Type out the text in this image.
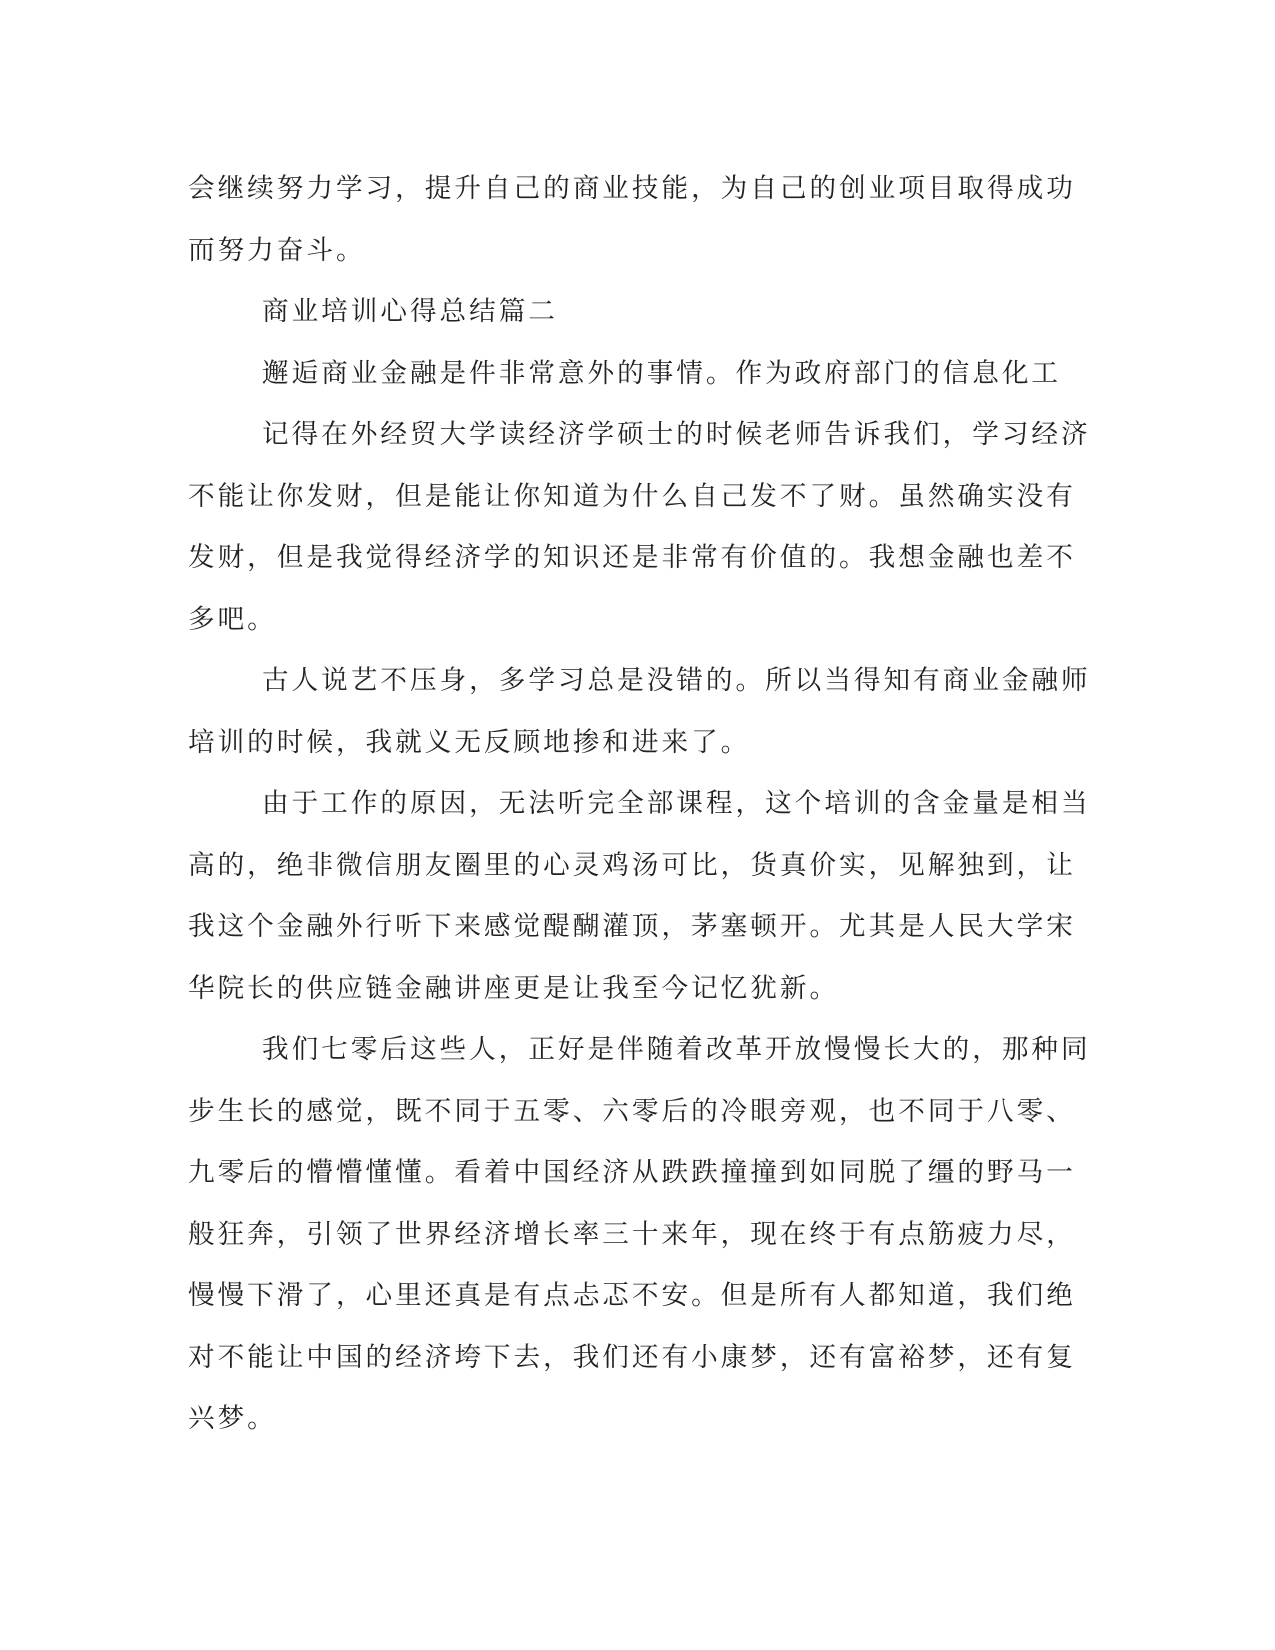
会继续努力学习，提升自己的商业技能，为自己的创业项目取得成功
而努力奋斗。

商业培训心得总结篇二

邂逅商业金融是件非常意外的事情。作为政府部门的信息化工

记得在外经贸大学读经济学硕士的时候老师告诉我们，学习经济

不能让你发财，但是能让你知道为什么自己发不了财。虽然确实没有
发财，但是我觉得经济学的知识还是非常有价值的。我想金融也差不
多吧。

古人说艺不压身，多学习总是没错的。所以当得知有商业金融师

培训的时候，我就义无反顾地掺和进来了。

由于工作的原因，无法听完全部课程，这个培训的含金量是相当

高的，绝非微信朋友圈里的心灵鸡汤可比，货真价实，见解独到，让
我这个金融外行听下来感觉醍醐灌顶，茅塞顿开。尤其是人民大学宋
华院长的供应链金融讲座更是让我至今记忆犹新。

我们七零后这些人，正好是伴随着改革开放慢慢长大的，那种同

步生长的感觉，既不同于五零、六零后的冷眼旁观，也不同于八零、
九零后的懵懵懂懂。看着中国经济从跌跌撞撞到如同脱了缰的野马一
般狂奔，引领了世界经济增长率三十来年，现在终于有点筋疲力尽，
慢慢下滑了，心里还真是有点忐忑不安。但是所有人都知道，我们绝
对不能让中国的经济垮下去，我们还有小康梦，还有富裕梦，还有复
兴梦。
